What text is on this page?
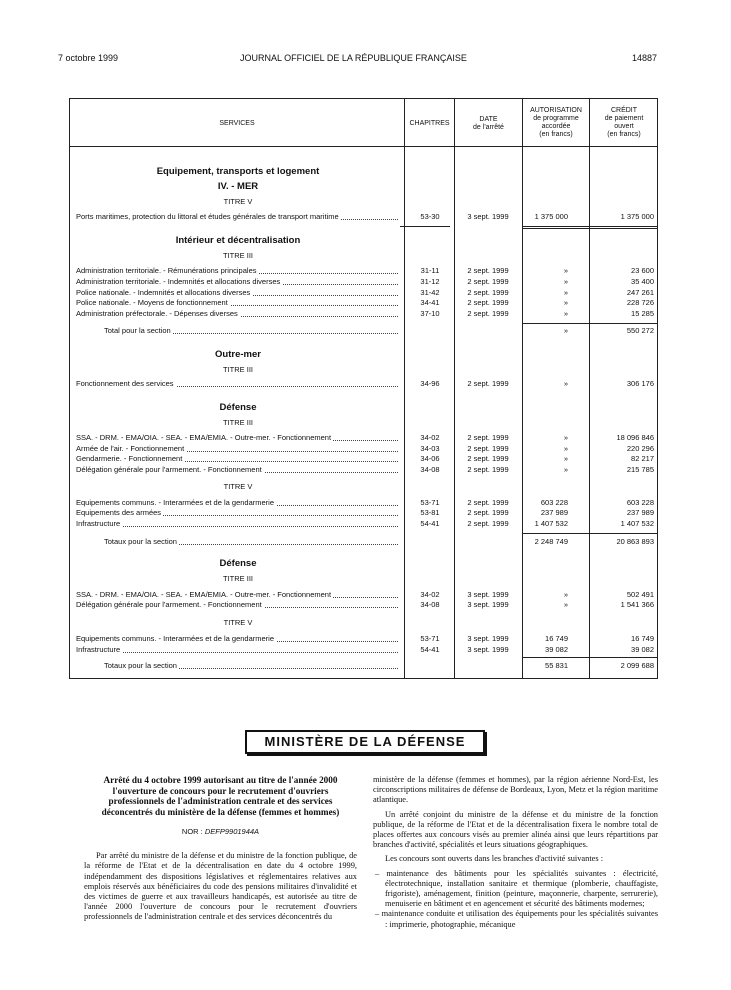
7 octobre 1999	JOURNAL OFFICIEL DE LA RÉPUBLIQUE FRANÇAISE	14887
SERVICES	CHAPITRES
DATE
de l'arrêté
AUTORISATION
de programme
accordée
(en francs)
CRÉDIT
de paiement
ouvert
(en francs)
Equipement, transports et logement
IV. - MER
TITRE V
Intérieur et décentralisation
TITRE III
Outre-mer
TITRE III
Défense
TITRE III
TITRE V
Défense
TITRE III
TITRE V
Ports maritimes, protection du littoral et études générales de transport maritime	53-30	3 sept. 1999	1 375 000	1 375 000
Administration territoriale. - Rémunérations principales	31-11	2 sept. 1999	»	23 600
Administration territoriale. - Indemnités et allocations diverses	31-12	2 sept. 1999	»	35 400
Police nationale. - Indemnités et allocations diverses	31-42	2 sept. 1999	»	247 261
Police nationale. - Moyens de fonctionnement	34-41	2 sept. 1999	»	228 726
Administration préfectorale. - Dépenses diverses	37-10	2 sept. 1999	»	15 285
Total pour la section	»	550 272
Fonctionnement des services	34-96	2 sept. 1999	»	306 176
SSA. - DRM. - EMA/OIA. - SEA. - EMA/EMIA. - Outre-mer. - Fonctionnement	34-02	2 sept. 1999	»	18 096 846
Armée de l'air. - Fonctionnement	34-03	2 sept. 1999	»	220 296
Gendarmerie. - Fonctionnement	34-06	2 sept. 1999	»	82 217
Délégation générale pour l'armement. - Fonctionnement	34-08	2 sept. 1999	»	215 785
Equipements communs. - Interarmées et de la gendarmerie	53-71	2 sept. 1999	603 228	603 228
Equipements des armées	53-81	2 sept. 1999	237 989	237 989
Infrastructure	54-41	2 sept. 1999	1 407 532	1 407 532
Totaux pour la section	2 248 749	20 863 893
SSA. - DRM. - EMA/OIA. - SEA. - EMA/EMIA. - Outre-mer. - Fonctionnement	34-02	3 sept. 1999	»	502 491
Délégation générale pour l'armement. - Fonctionnement	34-08	3 sept. 1999	»	1 541 366
Equipements communs. - Interarmées et de la gendarmerie	53-71	3 sept. 1999	16 749	16 749
Infrastructure	54-41	3 sept. 1999	39 082	39 082
Totaux pour la section	55 831	2 099 688
MINISTÈRE DE LA DÉFENSE
Arrêté du 4 octobre 1999 autorisant au titre de l'année 2000 l'ouverture de concours pour le recrutement d'ouvriers professionnels de l'administration centrale et des services déconcentrés du ministère de la défense (femmes et hommes)
NOR : DEFP9901944A

Par arrêté du ministre de la défense et du ministre de la fonction publique, de la réforme de l'Etat et de la décentralisation en date du 4 octobre 1999, indépendamment des dispositions législatives et réglementaires relatives aux emplois réservés aux bénéficiaires du code des pensions militaires d'invalidité et des victimes de guerre et aux travailleurs handicapés, est autorisée au titre de l'année 2000 l'ouverture de concours pour le recrutement d'ouvriers professionnels de l'administration centrale et des services déconcentrés du

ministère de la défense (femmes et hommes), par la région aérienne Nord-Est, les circonscriptions militaires de défense de Bordeaux, Lyon, Metz et la région maritime atlantique.

Un arrêté conjoint du ministre de la défense et du ministre de la fonction publique, de la réforme de l'Etat et de la décentralisation fixera le nombre total de places offertes aux concours visés au premier alinéa ainsi que leurs répartitions par branches d'activité, spécialités et leurs situations géographiques.

Les concours sont ouverts dans les branches d'activité suivantes :

– maintenance des bâtiments pour les spécialités suivantes : électricité, électrotechnique, installation sanitaire et thermique (plomberie, chauffagiste, frigoriste), aménagement, finition (peinture, maçonnerie, charpente, serrurerie), menuiserie en bâtiment et en agencement et sécurité des bâtiments modernes;
– maintenance conduite et utilisation des équipements pour les spécialités suivantes : imprimerie, photographie, mécanique
